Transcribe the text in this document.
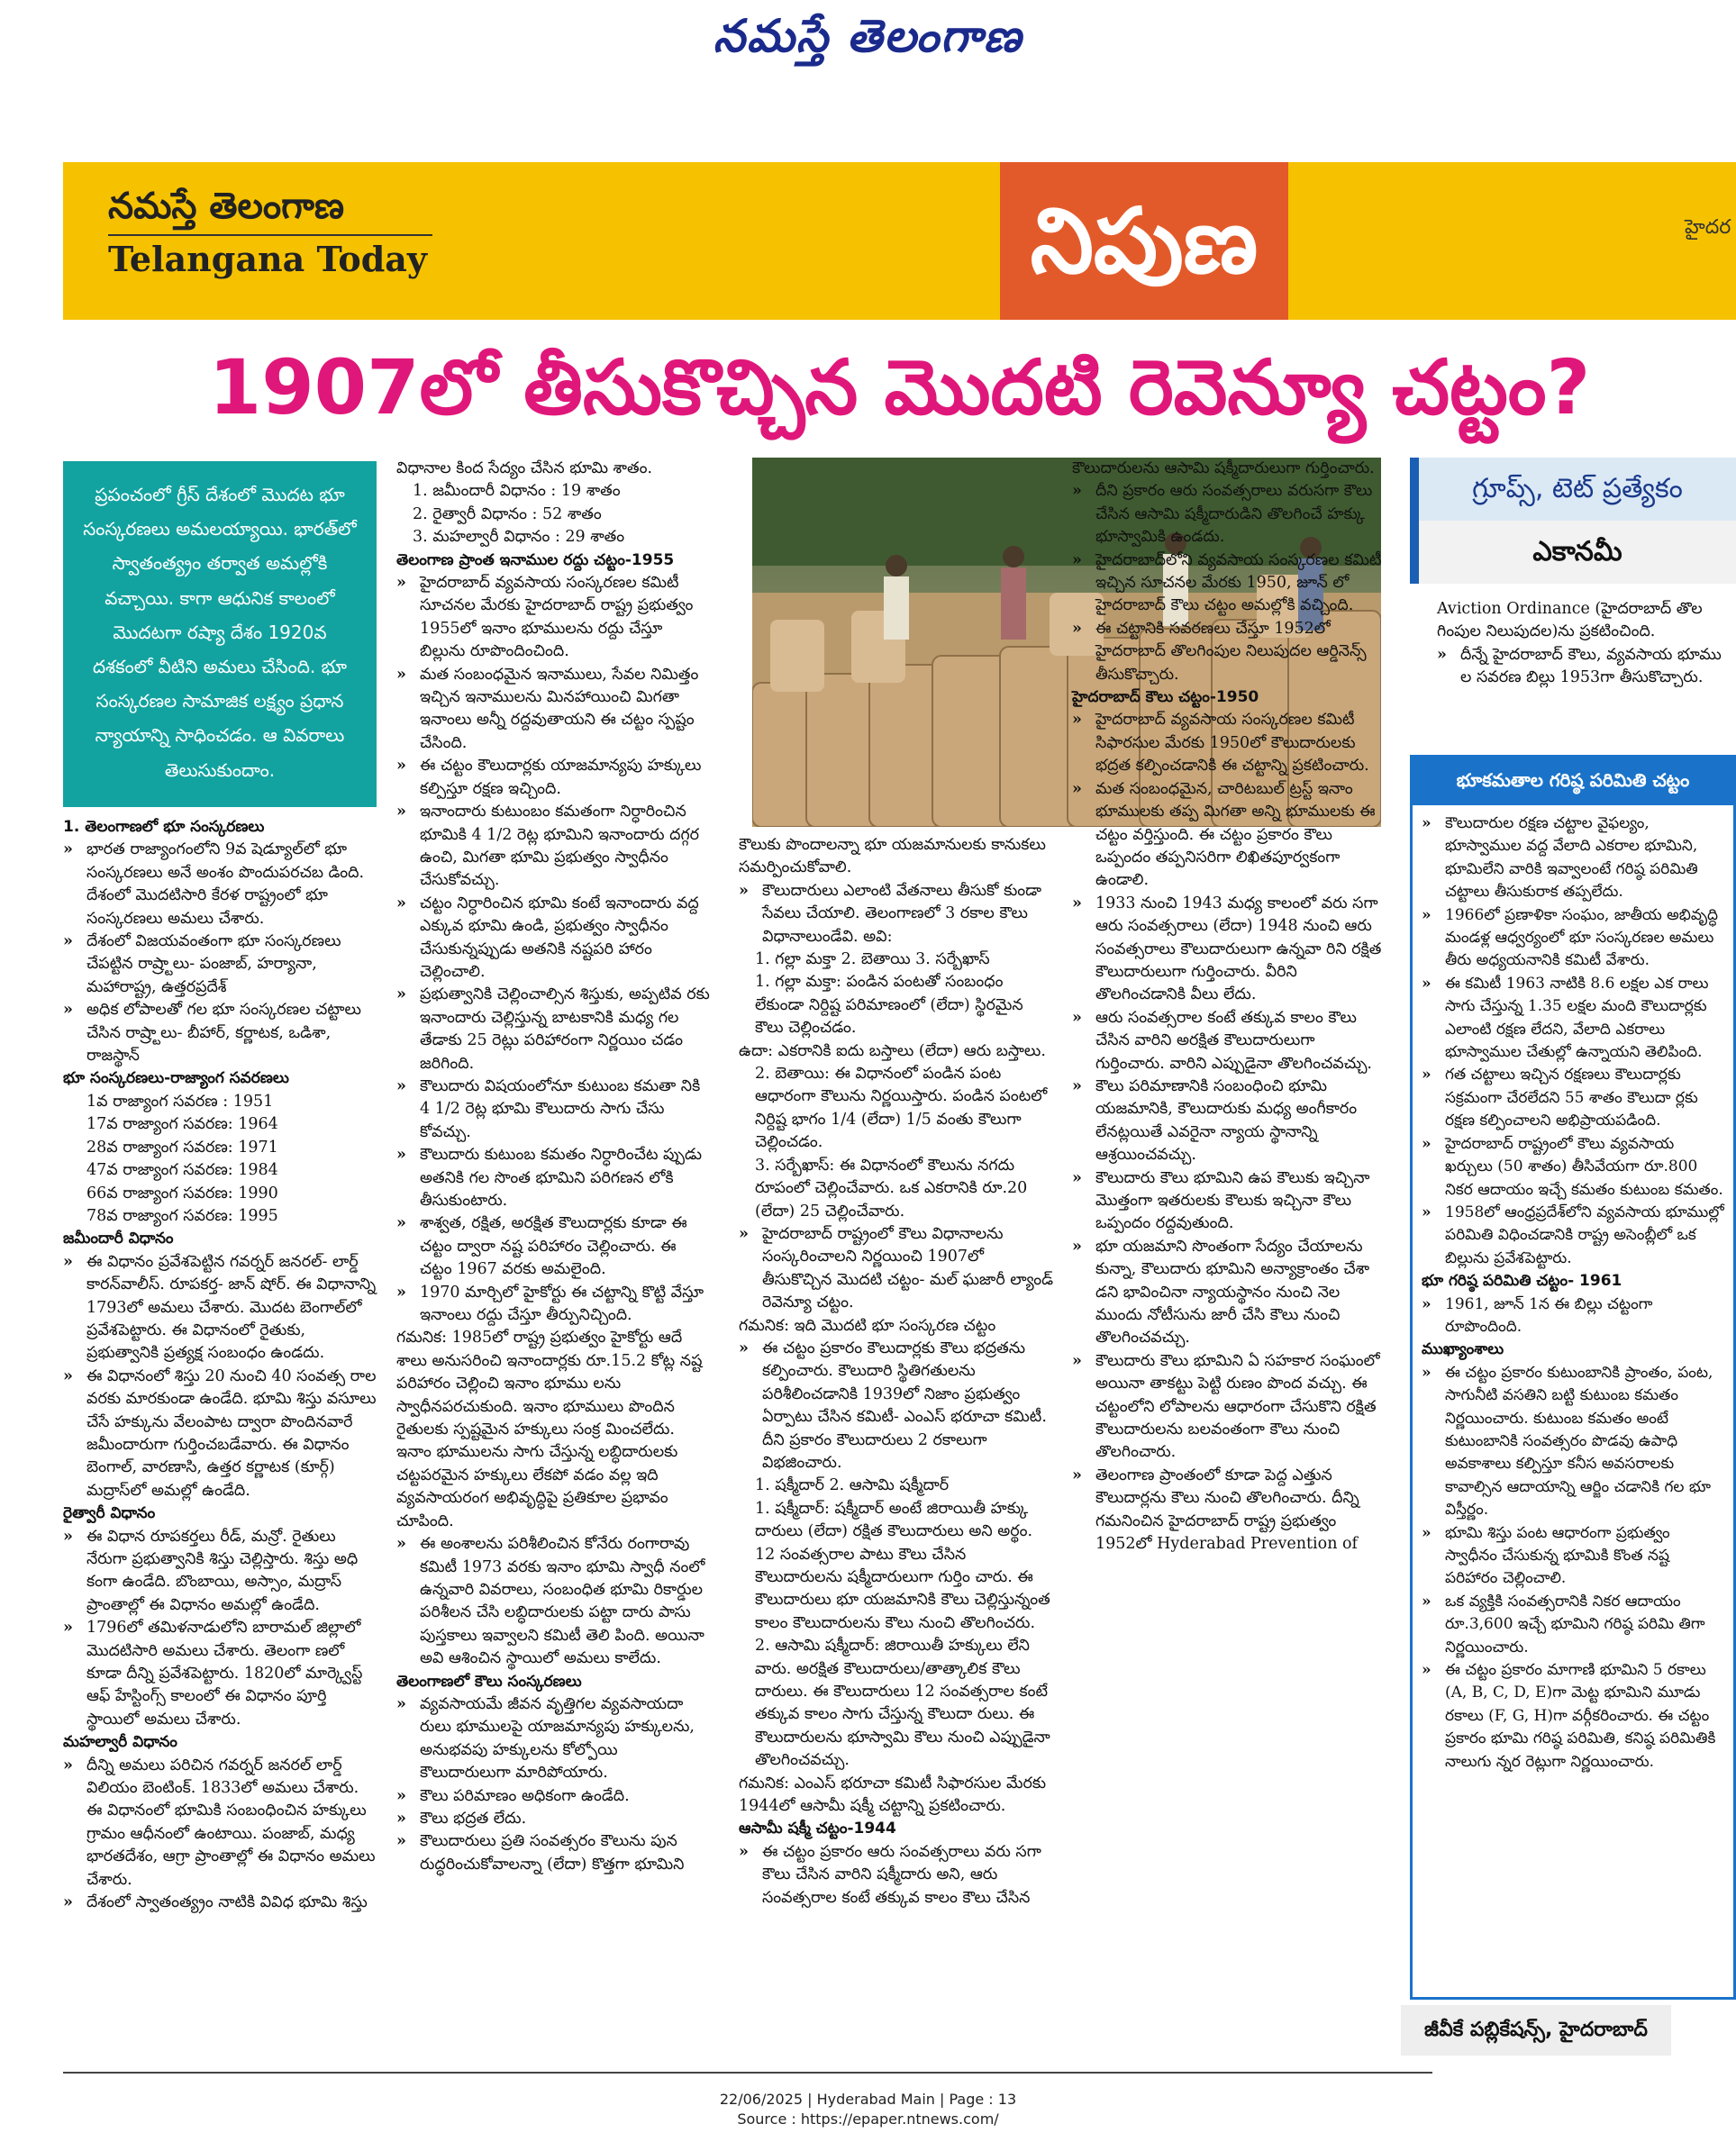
నమస్తే తెలంగాణ
నమస్తే తెలంగాణ
Telangana Today	నిపుణ	హైదర
1907లో తీసుకొచ్చిన మొదటి రెవెన్యూ చట్టం?
ప్రపంచంలో గ్రీస్ దేశంలో మొదట భూ సంస్కరణలు అమలయ్యాయి. భారత్‌లో స్వాతంత్య్రం తర్వాత అమల్లోకి వచ్చాయి. కాగా ఆధునిక కాలంలో మొదటగా రష్యా దేశం 1920వ దశకంలో వీటిని అమలు చేసింది. భూ సంస్కరణల సామాజిక లక్ష్యం ప్రధాన న్యాయాన్ని సాధించడం. ఆ వివరాలు తెలుసుకుందాం.

1. తెలంగాణలో భూ సంస్కరణలు

» భారత రాజ్యాంగంలోని 9వ షెడ్యూల్‌లో భూ సంస్కరణలు అనే అంశం పొందుపరచబ డింది. దేశంలో మొదటిసారి కేరళ రాష్ట్రంలో భూ సంస్కరణలు అమలు చేశారు.

» దేశంలో విజయవంతంగా భూ సంస్కరణలు చేపట్టిన రాష్ర్టాలు- పంజాబ్, హర్యానా, మహారాష్ట్ర, ఉత్తరప్రదేశ్

» అధిక లోపాలతో గల భూ సంస్కరణల చట్టాలు చేసిన రాష్ర్టాలు- బీహార్, కర్ణాటక, ఒడిశా, రాజస్థాన్

భూ సంస్కరణలు-రాజ్యాంగ సవరణలు

1వ రాజ్యాంగ సవరణ : 1951

17వ రాజ్యాంగ సవరణ: 1964

28వ రాజ్యాంగ సవరణ: 1971

47వ రాజ్యాంగ సవరణ: 1984

66వ రాజ్యాంగ సవరణ: 1990

78వ రాజ్యాంగ సవరణ: 1995

జమీందారీ విధానం

» ఈ విధానం ప్రవేశపెట్టిన గవర్నర్ జనరల్- లార్డ్ కారన్‌వాలీస్. రూపకర్త- జాన్ షోర్. ఈ విధానాన్ని 1793లో అమలు చేశారు. మొదట బెంగాల్‌లో ప్రవేశపెట్టారు. ఈ విధానంలో రైతుకు, ప్రభుత్వానికి ప్రత్యక్ష సంబంధం ఉండదు.

» ఈ విధానంలో శిస్తు 20 నుంచి 40 సంవత్స రాల వరకు మారకుండా ఉండేది. భూమి శిస్తు వసూలు చేసే హక్కును వేలంపాట ద్వారా పొందినవారే జమీందారుగా గుర్తించబడేవారు. ఈ విధానం బెంగాల్, వారణాసి, ఉత్తర కర్ణాటక (కూర్గ్) మద్రాస్‌లో అమల్లో ఉండేది.

రైత్వారీ విధానం

» ఈ విధాన రూపకర్తలు రీడ్, మన్రో. రైతులు నేరుగా ప్రభుత్వానికి శిస్తు చెల్లిస్తారు. శిస్తు అధి కంగా ఉండేది. బొంబాయి, అస్సాం, మద్రాస్ ప్రాంతాల్లో ఈ విధానం అమల్లో ఉండేది.

» 1796లో తమిళనాడులోని బారామల్ జిల్లాలో మొదటిసారి అమలు చేశారు. తెలంగా ణలో కూడా దీన్ని ప్రవేశపెట్టారు. 1820లో మార్క్వెస్ట్ ఆఫ్ హేస్టింగ్స్ కాలంలో ఈ విధానం పూర్తి స్థాయిలో అమలు చేశారు.

మహల్వారీ విధానం

» దీన్ని అమలు పరిచిన గవర్నర్ జనరల్ లార్డ్ విలియం బెంటింక్. 1833లో అమలు చేశారు. ఈ విధానంలో భూమికి సంబంధించిన హక్కులు గ్రామం ఆధీనంలో ఉంటాయి. పంజాబ్, మధ్య భారతదేశం, ఆగ్రా ప్రాంతాల్లో ఈ విధానం అమలు చేశారు.

» దేశంలో స్వాతంత్య్రం నాటికి వివిధ భూమి శిస్తు

విధానాల కింద సేద్యం చేసిన భూమి శాతం.

1. జమీందారీ విధానం : 19 శాతం

2. రైత్వారీ విధానం : 52 శాతం

3. మహల్వారీ విధానం : 29 శాతం

తెలంగాణ ప్రాంత ఇనాముల రద్దు చట్టం-1955

» హైదరాబాద్ వ్యవసాయ సంస్కరణల కమిటీ సూచనల మేరకు హైదరాబాద్ రాష్ట్ర ప్రభుత్వం 1955లో ఇనాం భూములను రద్దు చేస్తూ బిల్లును రూపొందించింది.

» మత సంబంధమైన ఇనాములు, సేవల నిమిత్తం ఇచ్చిన ఇనాములను మినహాయించి మిగతా ఇనాంలు అన్నీ రద్దవుతాయని ఈ చట్టం స్పష్టం చేసింది.

» ఈ చట్టం కౌలుదార్లకు యాజమాన్యపు హక్కులు కల్పిస్తూ రక్షణ ఇచ్చింది.

» ఇనాందారు కుటుంబం కమతంగా నిర్ధారించిన భూమికి 4 1/2 రెట్ల భూమిని ఇనాందారు దగ్గర ఉంచి, మిగతా భూమి ప్రభుత్వం స్వాధీనం చేసుకోవచ్చు.

» చట్టం నిర్ధారించిన భూమి కంటే ఇనాందారు వద్ద ఎక్కువ భూమి ఉండి, ప్రభుత్వం స్వాధీనం చేసుకున్నప్పుడు అతనికి నష్టపరి హారం చెల్లించాలి.

» ప్రభుత్వానికి చెల్లించాల్సిన శిస్తుకు, అప్పటివ రకు ఇనాందారు చెల్లిస్తున్న బాటకానికి మధ్య గల తేడాకు 25 రెట్లు పరిహారంగా నిర్ణయిం చడం జరిగింది.

» కౌలుదారు విషయంలోనూ కుటుంబ కమతా నికి 4 1/2 రెట్ల భూమి కౌలుదారు సాగు చేసు కోవచ్చు.

» కౌలుదారు కుటుంబ కమతం నిర్ధారించేట ప్పుడు అతనికి గల సొంత భూమిని పరిగణన లోకి తీసుకుంటారు.

» శాశ్వత, రక్షిత, అరక్షిత కౌలుదార్లకు కూడా ఈ చట్టం ద్వారా నష్ట పరిహారం చెల్లించారు. ఈ చట్టం 1967 వరకు అమలైంది.

» 1970 మార్చిలో హైకోర్టు ఈ చట్టాన్ని కొట్టి వేస్తూ ఇనాంలు రద్దు చేస్తూ తీర్పునిచ్చింది.

గమనిక: 1985లో రాష్ట్ర ప్రభుత్వం హైకోర్టు ఆదే శాలు అనుసరించి ఇనాందార్లకు రూ.15.2 కోట్ల నష్ట పరిహారం చెల్లించి ఇనాం భూము లను స్వాధీనపరచుకుంది. ఇనాం భూములు పొందిన రైతులకు స్పష్టమైన హక్కులు సంక్ర మించలేదు. ఇనాం భూములను సాగు చేస్తున్న లబ్ధిదారులకు చట్టపరమైన హక్కులు లేకపో వడం వల్ల ఇది వ్యవసాయరంగ అభివృద్ధిపై ప్రతికూల ప్రభావం చూపింది.

» ఈ అంశాలను పరిశీలించిన కోనేరు రంగారావు కమిటీ 1973 వరకు ఇనాం భూమి స్వాధీ నంలో ఉన్నవారి వివరాలు, సంబంధిత భూమి రికార్డుల పరిశీలన చేసి లబ్ధిదారులకు పట్టా దారు పాసు పుస్తకాలు ఇవ్వాలని కమిటీ తెలి పింది. అయినా అవి ఆశించిన స్థాయిలో అమలు కాలేదు.

తెలంగాణలో కౌలు సంస్కరణలు

» వ్యవసాయమే జీవన వృత్తిగల వ్యవసాయదా రులు భూములపై యాజమాన్యపు హక్కులను, అనుభవపు హక్కులను కోల్పోయి కౌలుదారులుగా మారిపోయారు.

» కౌలు పరిమాణం అధికంగా ఉండేది.

» కౌలు భద్రత లేదు.

» కౌలుదారులు ప్రతి సంవత్సరం కౌలును పున రుద్ధరించుకోవాలన్నా (లేదా) కొత్తగా భూమిని

కౌలుకు పొందాలన్నా భూ యజమానులకు కానుకలు సమర్పించుకోవాలి.

» కౌలుదారులు ఎలాంటి వేతనాలు తీసుకో కుండా సేవలు చేయాలి. తెలంగాణలో 3 రకాల కౌలు విధానాలుండేవి. అవి:

1. గల్లా మక్తా 2. బెతాయి 3. సర్బేఖాస్

1. గల్లా మక్తా: పండిన పంటతో సంబంధం లేకుండా నిర్దిష్ట పరిమాణంలో (లేదా) స్థిరమైన కౌలు చెల్లించడం.

ఉదా: ఎకరానికి ఐదు బస్తాలు (లేదా) ఆరు బస్తాలు.

2. బెతాయి: ఈ విధానంలో పండిన పంట ఆధారంగా కౌలును నిర్ణయిస్తారు. పండిన పంటలో నిర్దిష్ట భాగం 1/4 (లేదా) 1/5 వంతు కౌలుగా చెల్లించడం.

3. సర్బేఖాస్: ఈ విధానంలో కౌలును నగదు రూపంలో చెల్లించేవారు. ఒక ఎకరానికి రూ.20 (లేదా) 25 చెల్లించేవారు.

» హైదరాబాద్ రాష్ట్రంలో కౌలు విధానాలను సంస్కరించాలని నిర్ణయించి 1907లో తీసుకొచ్చిన మొదటి చట్టం- మల్ ఘజారీ ల్యాండ్ రెవెన్యూ చట్టం.

గమనిక: ఇది మొదటి భూ సంస్కరణ చట్టం

» ఈ చట్టం ప్రకారం కౌలుదార్లకు కౌలు భద్రతను కల్పించారు. కౌలుదారి స్థితిగతులను పరిశీలించడానికి 1939లో నిజాం ప్రభుత్వం ఏర్పాటు చేసిన కమిటీ- ఎంఎస్ భరూచా కమిటీ. దీని ప్రకారం కౌలుదారులు 2 రకాలుగా విభజించారు.

1. షక్మీదార్ 2. ఆసామి షక్మీదార్

1. షక్మీదార్: షక్మీదార్ అంటే జిరాయితీ హక్కు దారులు (లేదా) రక్షిత కౌలుదారులు అని అర్థం. 12 సంవత్సరాల పాటు కౌలు చేసిన కౌలుదారులను షక్మీదారులుగా గుర్తిం చారు. ఈ కౌలుదారులు భూ యజమానికి కౌలు చెల్లిస్తున్నంత కాలం కౌలుదారులను కౌలు నుంచి తొలగించరు.

2. ఆసామి షక్మీదార్: జిరాయితీ హక్కులు లేని వారు. అరక్షిత కౌలుదారులు/తాత్కాలిక కౌలు దారులు. ఈ కౌలుదారులు 12 సంవత్సరాల కంటే తక్కువ కాలం సాగు చేస్తున్న కౌలుదా రులు. ఈ కౌలుదారులను భూస్వామి కౌలు నుంచి ఎప్పుడైనా తొలగించవచ్చు.

గమనిక: ఎంఎస్ భరూచా కమిటీ సిఫారసుల మేరకు 1944లో ఆసామీ షక్మీ చట్టాన్ని ప్రకటించారు.

ఆసామీ షక్మీ చట్టం-1944

» ఈ చట్టం ప్రకారం ఆరు సంవత్సరాలు వరు సగా కౌలు చేసిన వారిని షక్మీదారు అని, ఆరు సంవత్సరాల కంటే తక్కువ కాలం కౌలు చేసిన

కౌలుదారులను ఆసామి షక్మీదారులుగా గుర్తించారు.

» దీని ప్రకారం ఆరు సంవత్సరాలు వరుసగా కౌలు చేసిన ఆసామి షక్మీదారుడిని తొలగించే హక్కు భూస్వామికి ఉండదు.

» హైదరాబాద్‌లోని వ్యవసాయ సంస్కరణల కమిటీ ఇచ్చిన సూచనల మేరకు 1950, జూన్ లో హైదరాబాద్ కౌలు చట్టం అమల్లోకి వచ్చింది.

» ఈ చట్టానికి సవరణలు చేస్తూ 1952లో హైదరాబాద్ తొలగింపుల నిలుపుదల ఆర్డినెన్స్ తీసుకొచ్చారు.

హైదరాబాద్ కౌలు చట్టం-1950

» హైదరాబాద్ వ్యవసాయ సంస్కరణల కమిటీ సిఫారసుల మేరకు 1950లో కౌలుదారులకు భద్రత కల్పించడానికి ఈ చట్టాన్ని ప్రకటించారు.

» మత సంబంధమైన, చారిటబుల్ ట్రస్ట్ ఇనాం భూములకు తప్ప మిగతా అన్ని భూములకు ఈ చట్టం వర్తిస్తుంది. ఈ చట్టం ప్రకారం కౌలు ఒప్పందం తప్పనిసరిగా లిఖితపూర్వకంగా ఉండాలి.

» 1933 నుంచి 1943 మధ్య కాలంలో వరు సగా ఆరు సంవత్సరాలు (లేదా) 1948 నుంచి ఆరు సంవత్సరాలు కౌలుదారులుగా ఉన్నవా రిని రక్షిత కౌలుదారులుగా గుర్తించారు. వీరిని తొలగించడానికి వీలు లేదు.

» ఆరు సంవత్సరాల కంటే తక్కువ కాలం కౌలు చేసిన వారిని అరక్షిత కౌలుదారులుగా గుర్తించారు. వారిని ఎప్పుడైనా తొలగించవచ్చు.

» కౌలు పరిమాణానికి సంబంధించి భూమి యజమానికి, కౌలుదారుకు మధ్య అంగీకారం లేనట్లయితే ఎవరైనా న్యాయ స్థానాన్ని ఆశ్రయించవచ్చు.

» కౌలుదారు కౌలు భూమిని ఉప కౌలుకు ఇచ్చినా మొత్తంగా ఇతరులకు కౌలుకు ఇచ్చినా కౌలు ఒప్పందం రద్దవుతుంది.

» భూ యజమాని సొంతంగా సేద్యం చేయాలను కున్నా, కౌలుదారు భూమిని అన్యాక్రాంతం చేశా డని భావించినా న్యాయస్థానం నుంచి నెల ముందు నోటీసును జారీ చేసి కౌలు నుంచి తొలగించవచ్చు.

» కౌలుదారు కౌలు భూమిని ఏ సహకార సంఘంలో అయినా తాకట్టు పెట్టి రుణం పొంద వచ్చు. ఈ చట్టంలోని లోపాలను ఆధారంగా చేసుకొని రక్షిత కౌలుదారులను బలవంతంగా కౌలు నుంచి తొలగించారు.

» తెలంగాణ ప్రాంతంలో కూడా పెద్ద ఎత్తున కౌలుదార్లను కౌలు నుంచి తొలగించారు. దీన్ని గమనించిన హైదరాబాద్ రాష్ట్ర ప్రభుత్వం 1952లో Hyderabad Prevention of

గ్రూప్స్, టెట్ ప్రత్యేకం
ఎకానమీ

Aviction Ordinance (హైదరాబాద్ తొల గింపుల నిలుపుదల)ను ప్రకటించింది.

» దీన్నే హైదరాబాద్ కౌలు, వ్యవసాయ భూము ల సవరణ బిల్లు 1953గా తీసుకొచ్చారు.

భూకమతాల గరిష్ఠ పరిమితి చట్టం

» కౌలుదారుల రక్షణ చట్టాల వైఫల్యం, భూస్వాముల వద్ద వేలాది ఎకరాల భూమిని, భూమిలేని వారికి ఇవ్వాలంటే గరిష్ఠ పరిమితి చట్టాలు తీసుకురాక తప్పలేదు.

» 1966లో ప్రణాళికా సంఘం, జాతీయ అభివృద్ధి మండళ్ల ఆధ్వర్యంలో భూ సంస్కరణల అమలు తీరు అధ్యయనానికి కమిటీ వేశారు.

» ఈ కమిటీ 1963 నాటికి 8.6 లక్షల ఎక రాలు సాగు చేస్తున్న 1.35 లక్షల మంది కౌలుదార్లకు ఎలాంటి రక్షణ లేదని, వేలాది ఎకరాలు భూస్వాముల చేతుల్లో ఉన్నాయని తెలిపింది.

» గత చట్టాలు ఇచ్చిన రక్షణలు కౌలుదార్లకు సక్రమంగా చేరలేదని 55 శాతం కౌలుదా ర్లకు రక్షణ కల్పించాలని అభిప్రాయపడింది.

» హైదరాబాద్ రాష్ట్రంలో కౌలు వ్యవసాయ ఖర్చులు (50 శాతం) తీసివేయగా రూ.800 నికర ఆదాయం ఇచ్చే కమతం కుటుంబ కమతం.

» 1958లో ఆంధ్రప్రదేశ్‌లోని వ్యవసాయ భూముల్లో పరిమితి విధించడానికి రాష్ట్ర అసెంబ్లీలో ఒక బిల్లును ప్రవేశపెట్టారు.

భూ గరిష్ఠ పరిమితి చట్టం- 1961

» 1961, జూన్ 1న ఈ బిల్లు చట్టంగా రూపొందింది.

ముఖ్యాంశాలు

» ఈ చట్టం ప్రకారం కుటుంబానికి ప్రాంతం, పంట, సాగునీటి వసతిని బట్టి కుటుంబ కమతం నిర్ణయించారు. కుటుంబ కమతం అంటే కుటుంబానికి సంవత్సరం పొడవు ఉపాధి అవకాశాలు కల్పిస్తూ కనీస అవసరాలకు కావాల్సిన ఆదాయాన్ని ఆర్జిం చడానికి గల భూ విస్తీర్ణం.

» భూమి శిస్తు పంట ఆధారంగా ప్రభుత్వం స్వాధీనం చేసుకున్న భూమికి కొంత నష్ట పరిహారం చెల్లించాలి.

» ఒక వ్యక్తికి సంవత్సరానికి నికర ఆదాయం రూ.3,600 ఇచ్చే భూమిని గరిష్ఠ పరిమి తిగా నిర్ణయించారు.

» ఈ చట్టం ప్రకారం మాగాణి భూమిని 5 రకాలు (A, B, C, D, E)గా మెట్ట భూమిని మూడు రకాలు (F, G, H)గా వర్గీకరించారు. ఈ చట్టం ప్రకారం భూమి గరిష్ఠ పరిమితి, కనిష్ఠ పరిమితికి నాలుగు న్నర రెట్లుగా నిర్ణయించారు.

జీవీకే పబ్లికేషన్స్, హైదరాబాద్
22/06/2025 | Hyderabad Main | Page : 13
Source : https://epaper.ntnews.com/
